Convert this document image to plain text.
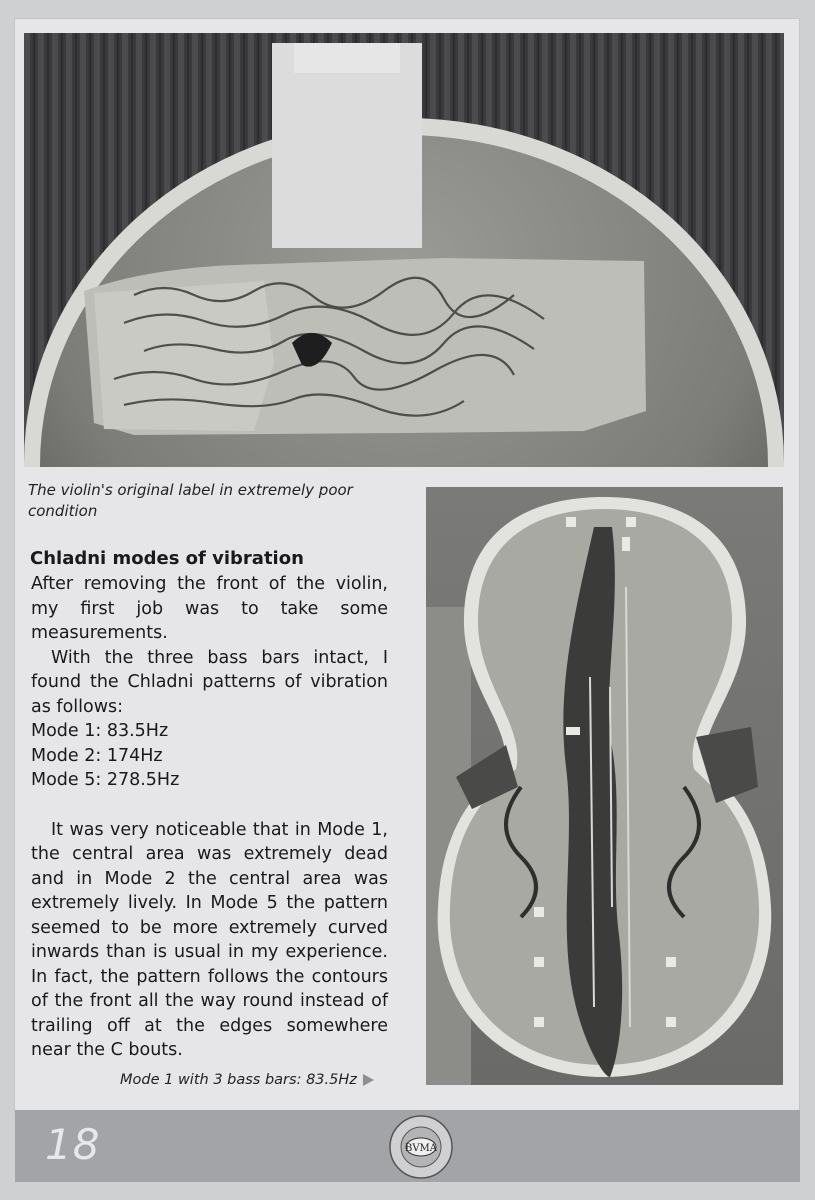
The violin's original label in extremely poor condition
Chladni modes of vibration

After removing the front of the violin, my first job was to take some measurements.

With the three bass bars intact, I found the Chladni patterns of vibration as follows:

Mode 1: 83.5Hz

Mode 2: 174Hz

Mode 5: 278.5Hz

It was very noticeable that in Mode 1, the central area was extremely dead and in Mode 2 the central area was extremely lively. In Mode 5 the pattern seemed to be more extremely curved inwards than is usual in my experience. In fact, the pattern follows the contours of the front all the way round instead of trailing off at the edges somewhere near the C bouts.

Mode 1 with 3 bass bars: 83.5Hz
18	BVMA
